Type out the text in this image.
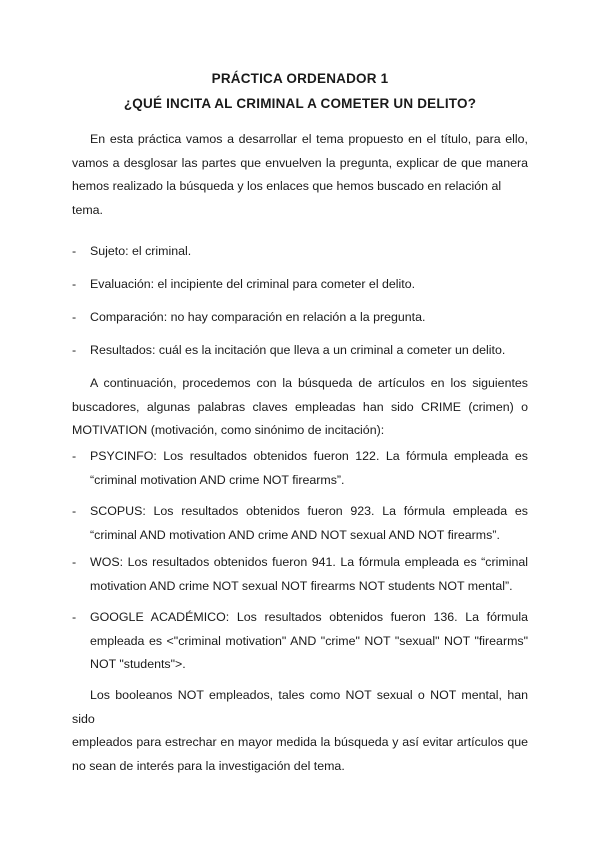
PRÁCTICA ORDENADOR 1
¿QUÉ INCITA AL CRIMINAL A COMETER UN DELITO?
En esta práctica vamos a desarrollar el tema propuesto en el título, para ello,
vamos a desglosar las partes que envuelven la pregunta, explicar de que manera
hemos realizado la búsqueda y los enlaces que hemos buscado en relación al tema.
-	Sujeto: el criminal.
-	Evaluación: el incipiente del criminal para cometer el delito.
-	Comparación: no hay comparación en relación a la pregunta.
-	Resultados: cuál es la incitación que lleva a un criminal a cometer un delito.
A continuación, procedemos con la búsqueda de artículos en los siguientes
buscadores, algunas palabras claves empleadas han sido CRIME (crimen) o
MOTIVATION (motivación, como sinónimo de incitación):
-	PSYCINFO: Los resultados obtenidos fueron 122. La fórmula empleada es
“criminal motivation AND crime NOT firearms”.
-	SCOPUS: Los resultados obtenidos fueron 923. La fórmula empleada es
“criminal AND motivation AND crime AND NOT sexual AND NOT firearms”.
-	WOS: Los resultados obtenidos fueron 941. La fórmula empleada es “criminal
motivation AND crime NOT sexual NOT firearms NOT students NOT mental”.
-	GOOGLE ACADÉMICO: Los resultados obtenidos fueron 136. La fórmula
empleada es <"criminal motivation" AND "crime" NOT "sexual" NOT "firearms"
NOT "students">.
Los booleanos NOT empleados, tales como NOT sexual o NOT mental, han sido
empleados para estrechar en mayor medida la búsqueda y así evitar artículos que
no sean de interés para la investigación del tema.
